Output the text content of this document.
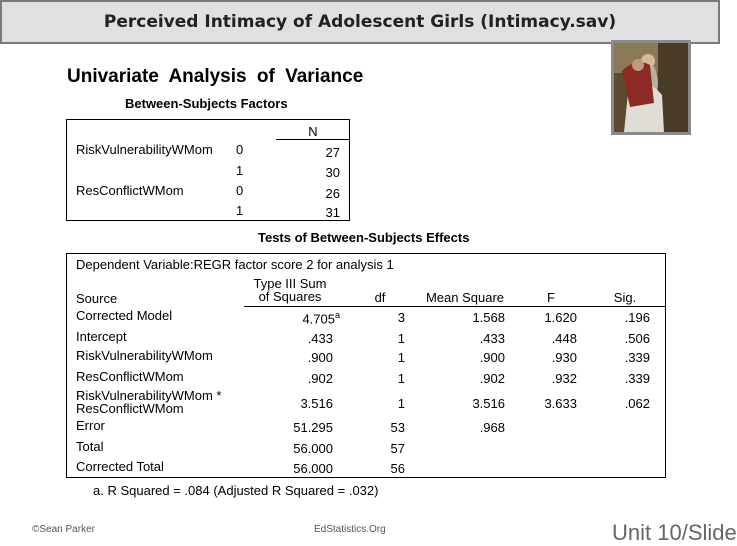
Perceived Intimacy of Adolescent Girls (Intimacy.sav)
Univariate Analysis of Variance
Between-Subjects Factors
N
RiskVulnerabilityWMom 0	27
1	30
ResConflictWMom	0	26
1	31
Tests of Between-Subjects Effects
Dependent Variable:REGR factor score 2 for analysis 1
Source
Type III Sum
of Squares	df	Mean Square	F	Sig.
Corrected Model	4.705$^a$	3	1.568	1.620	.196
Intercept	.433	1	.433	.448	.506
RiskVulnerabilityWMom	.900	1	.900	.930	.339
ResConflictWMom	.902	1	.902	.932	.339
RiskVulnerabilityWMom *
ResConflictWMom	3.516	1	3.516	3.633	.062
Error	51.295	53	.968
Total	56.000	57
Corrected Total	56.000	56
a. R Squared = .084 (Adjusted R Squared = .032)
©Sean Parker	EdStatistics.Org	Unit 10/Slide
